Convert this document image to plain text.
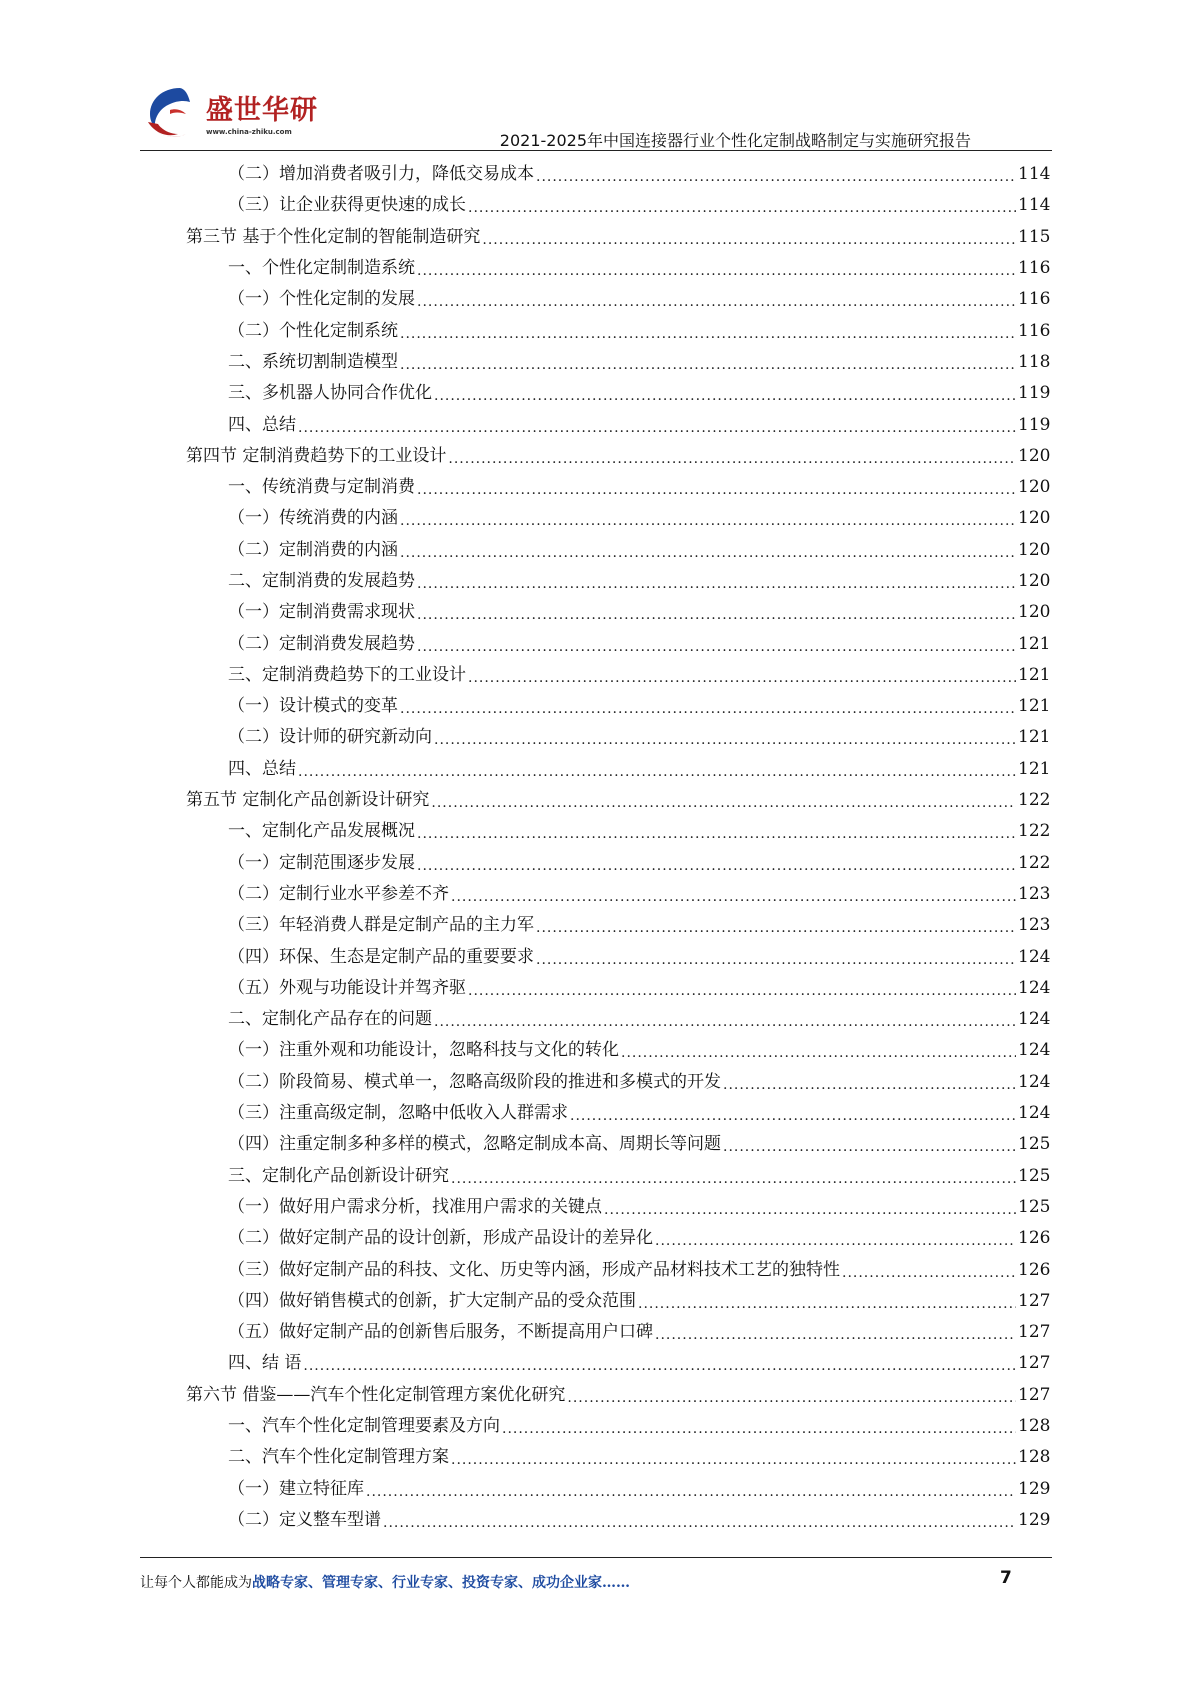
盛世华研
www.china-zhiku.com	2021-2025年中国连接器行业个性化定制战略制定与实施研究报告
（二）增加消费者吸引力，降低交易成本 .....	114
（三）让企业获得更快速的成长 .....	114
第三节 基于个性化定制的智能制造研究 .....	115
一、个性化定制制造系统 .....	116
（一）个性化定制的发展 .....	116
（二）个性化定制系统 .....	116
二、系统切割制造模型 .....	118
三、多机器人协同合作优化 .....	119
四、总结 .....	119
第四节 定制消费趋势下的工业设计 .....	120
一、传统消费与定制消费 .....	120
（一）传统消费的内涵 .....	120
（二）定制消费的内涵 .....	120
二、定制消费的发展趋势 .....	120
（一）定制消费需求现状 .....	120
（二）定制消费发展趋势 .....	121
三、定制消费趋势下的工业设计 .....	121
（一）设计模式的变革 .....	121
（二）设计师的研究新动向 .....	121
四、总结 .....	121
第五节 定制化产品创新设计研究 .....	122
一、定制化产品发展概况 .....	122
（一）定制范围逐步发展 .....	122
（二）定制行业水平参差不齐 .....	123
（三）年轻消费人群是定制产品的主力军 .....	123
（四）环保、生态是定制产品的重要要求 .....	124
（五）外观与功能设计并驾齐驱 .....	124
二、定制化产品存在的问题 .....	124
（一）注重外观和功能设计，忽略科技与文化的转化 .....	124
（二）阶段简易、模式单一，忽略高级阶段的推进和多模式的开发 .....	124
（三）注重高级定制，忽略中低收入人群需求 .....	124
（四）注重定制多种多样的模式，忽略定制成本高、周期长等问题 .....	125
三、定制化产品创新设计研究 .....	125
（一）做好用户需求分析，找准用户需求的关键点 .....	125
（二）做好定制产品的设计创新，形成产品设计的差异化 .....	126
（三）做好定制产品的科技、文化、历史等内涵，形成产品材料技术工艺的独特性 .....	126
（四）做好销售模式的创新，扩大定制产品的受众范围 .....	127
（五）做好定制产品的创新售后服务，不断提高用户口碑 .....	127
四、结 语 .....	127
第六节 借鉴——汽车个性化定制管理方案优化研究 .....	127
一、汽车个性化定制管理要素及方向 .....	128
二、汽车个性化定制管理方案 .....	128
（一）建立特征库 .....	129
（二）定义整车型谱 .....	129
让每个人都能成为战略专家、管理专家、行业专家、投资专家、成功企业家……	7
